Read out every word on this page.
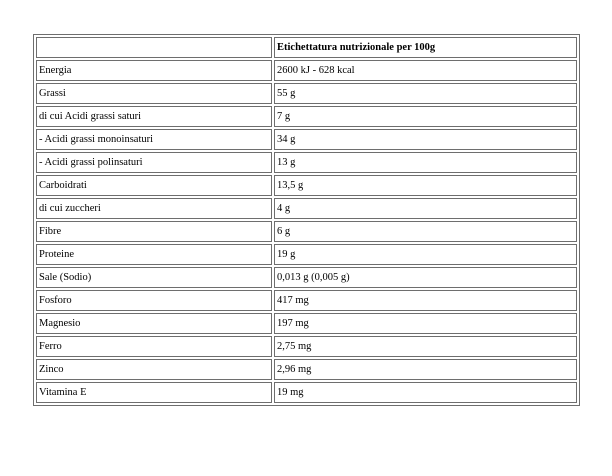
	Etichettatura nutrizionale per 100g
Energia	2600 kJ - 628 kcal
Grassi	55 g
di cui Acidi grassi saturi	7 g
- Acidi grassi monoinsaturi	34 g
- Acidi grassi polinsaturi	13 g
Carboidrati	13,5 g
di cui zuccheri	4 g
Fibre	6 g
Proteine	19 g
Sale (Sodio)	0,013 g (0,005 g)
Fosforo	417 mg
Magnesio	197 mg
Ferro	2,75 mg
Zinco	2,96 mg
Vitamina E	19 mg
